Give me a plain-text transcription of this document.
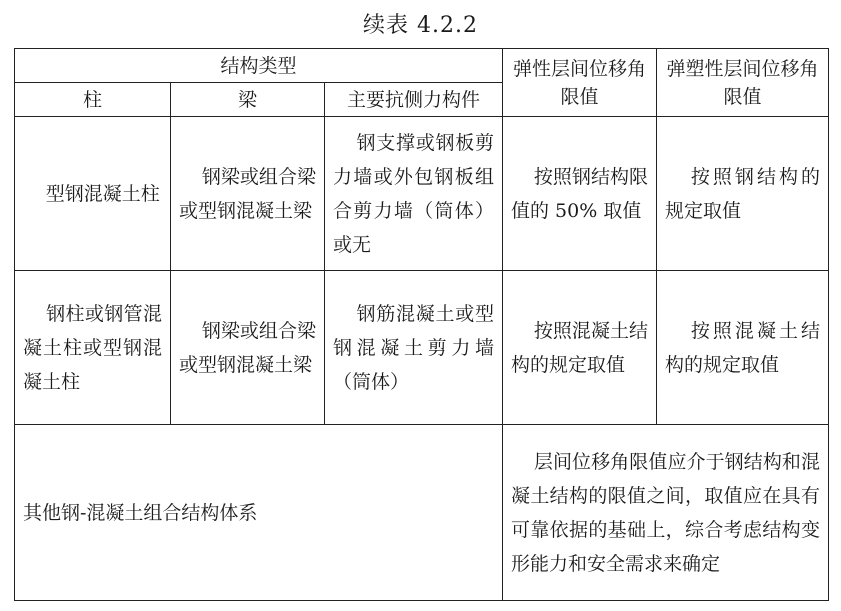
续表 4.2.2
结构类型			弹性层间位移角限值	弹塑性层间位移角限值
柱	梁	主要抗侧力构件		
型钢混凝土柱	钢梁或组合梁或型钢混凝土梁	钢支撑或钢板剪力墙或外包钢板组合剪力墙（筒体）或无	按照钢结构限值的 50% 取值	按照钢结构的规定取值
钢柱或钢管混凝土柱或型钢混凝土柱	钢梁或组合梁或型钢混凝土梁	钢筋混凝土或型钢混凝土剪力墙（筒体）	按照混凝土结构的规定取值	按照混凝土结构的规定取值
其他钢-混凝土组合结构体系			层间位移角限值应介于钢结构和混凝土结构的限值之间，取值应在具有可靠依据的基础上，综合考虑结构变形能力和安全需求来确定	
